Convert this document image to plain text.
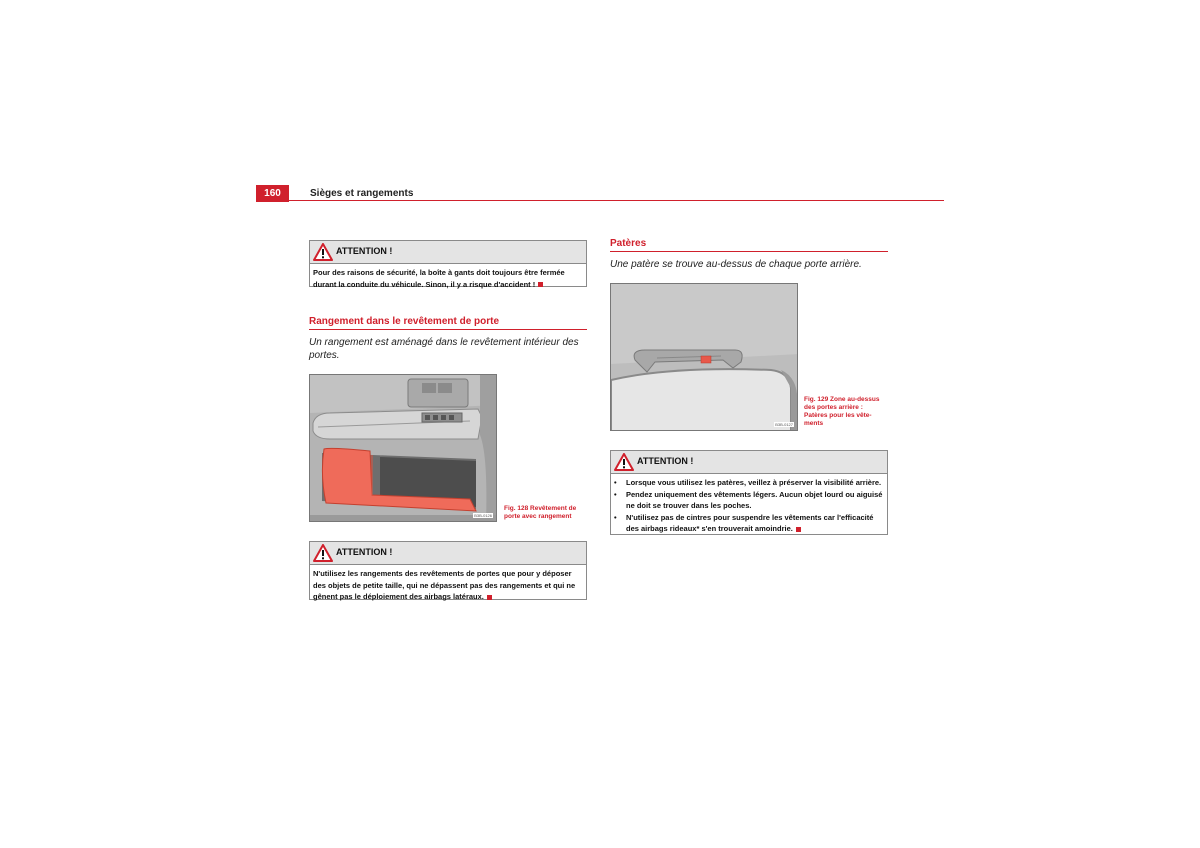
160	Sièges et rangements
ATTENTION !
Pour des raisons de sécurité, la boîte à gants doit toujours être fermée durant la conduite du véhicule. Sinon, il y a risque d'accident !
Rangement dans le revêtement de porte
Un rangement est aménagé dans le revêtement intérieur des portes.
B3B-0126
Fig. 128 Revêtement de
porte avec rangement
ATTENTION !
N'utilisez les rangements des revêtements de portes que pour y déposer des objets de petite taille, qui ne dépassent pas des rangements et qui ne gênent pas le déploiement des airbags latéraux.
Patères
Une patère se trouve au-dessus de chaque porte arrière.
B3B-0127
Fig. 129 Zone au-dessus
des portes arrière :
Patères pour les vête-
ments
ATTENTION !
•	Lorsque vous utilisez les patères, veillez à préserver la visibilité arrière.
•	Pendez uniquement des vêtements légers. Aucun objet lourd ou aiguisé ne doit se trouver dans les poches.
•	N'utilisez pas de cintres pour suspendre les vêtements car l'efficacité des airbags rideaux* s'en trouverait amoindrie.
